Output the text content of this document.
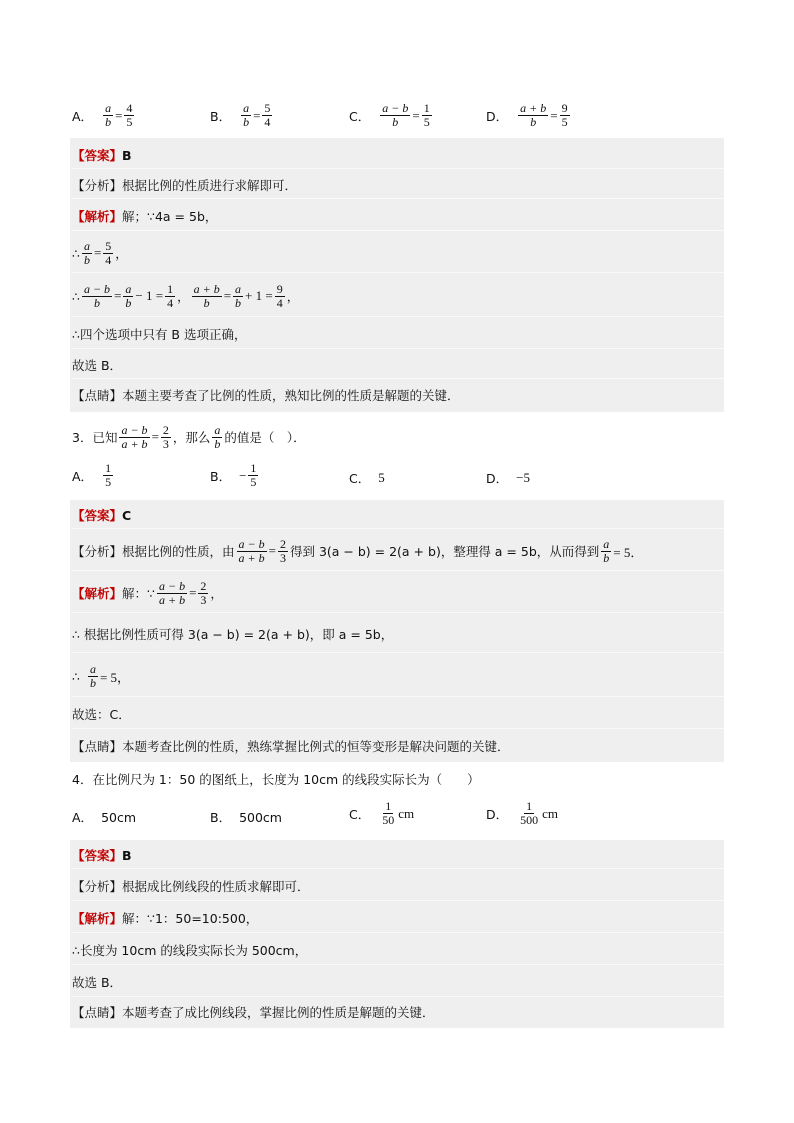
A． $\frac{a}{b} = \frac{4}{5}$	B． $\frac{a}{b} = \frac{5}{4}$	C． $\frac{a - b}{b} = \frac{1}{5}$	D． $\frac{a + b}{b} = \frac{9}{5}$
【答案】 B
【分析】 根据比例的性质进行求解即可．
【解析】 解；∵4a = 5b，
∴ $\frac{a}{b} = \frac{5}{4}$ ，
∴ $\frac{a - b}{b} = \frac{a}{b} - 1 = \frac{1}{4}$ ， $\frac{a + b}{b} = \frac{a}{b} + 1 = \frac{9}{4}$ ，
∴四个选项中只有 B 选项正确，
故选 B．
【点睛】 本题主要考查了比例的性质，熟知比例的性质是解题的关键．
3．已知 $\frac{a - b}{a + b} = \frac{2}{3}$ ，那么 $\frac{a}{b}$ 的值是（　）．
A． $\frac{1}{5}$	B． − $\frac{1}{5}$	C． 5	D． −5
【答案】 C
【分析】 根据比例的性质，由 $\frac{a - b}{a + b} = \frac{2}{3}$ 得到 3(a − b) = 2(a + b)，整理得 a = 5b，从而得到 $\frac{a}{b} = 5$．
【解析】 解：∵ $\frac{a - b}{a + b} = \frac{2}{3}$ ，
∴ 根据比例性质可得 3(a − b) = 2(a + b)，即 a = 5b，
∴ $\frac{a}{b} = 5$，
故选：C．
【点睛】 本题考查比例的性质，熟练掌握比例式的恒等变形是解决问题的关键．
4．在比例尺为 1：50 的图纸上，长度为 10cm 的线段实际长为（　　）
A． 50cm	B． 500cm	C． $\frac{1}{50}$ cm	D． $\frac{1}{500}$ cm
【答案】 B
【分析】 根据成比例线段的性质求解即可．
【解析】 解：∵1：50=10:500，
∴长度为 10cm 的线段实际长为 500cm，
故选 B．
【点睛】 本题考查了成比例线段，掌握比例的性质是解题的关键．
